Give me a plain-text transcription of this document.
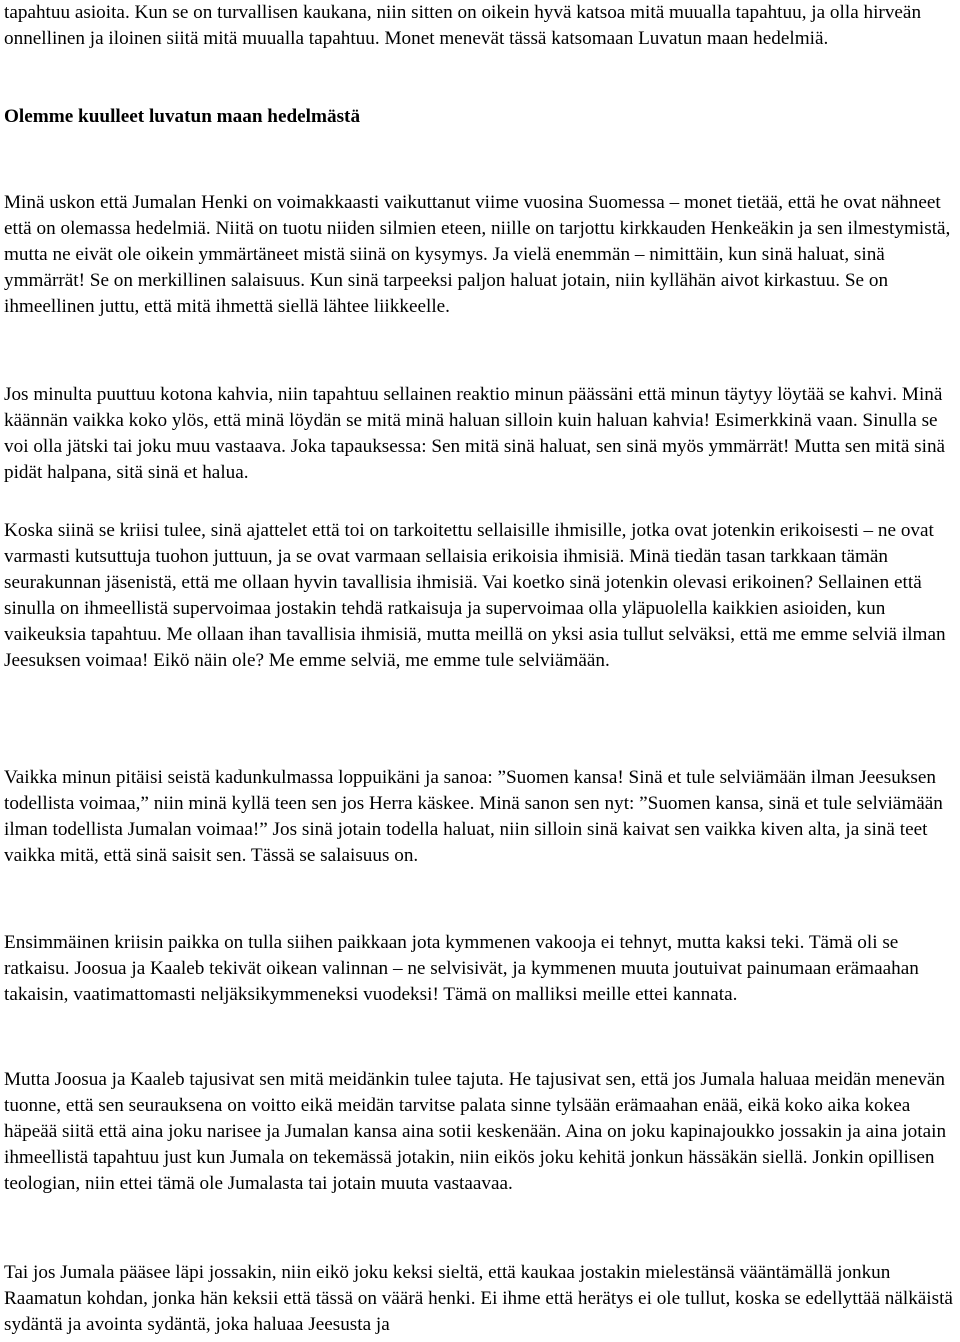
tapahtuu asioita. Kun se on turvallisen kaukana, niin sitten on oikein hyvä katsoa mitä muualla tapahtuu, ja olla hirveän onnellinen ja iloinen siitä mitä muualla tapahtuu. Monet menevät tässä katsomaan Luvatun maan hedelmiä.

Olemme kuulleet luvatun maan hedelmästä

Minä uskon että Jumalan Henki on voimakkaasti vaikuttanut viime vuosina Suomessa – monet tietää, että he ovat nähneet että on olemassa hedelmiä. Niitä on tuotu niiden silmien eteen, niille on tarjottu kirkkauden Henkeäkin ja sen ilmestymistä, mutta ne eivät ole oikein ymmärtäneet mistä siinä on kysymys. Ja vielä enemmän – nimittäin, kun sinä haluat, sinä ymmärrät! Se on merkillinen salaisuus. Kun sinä tarpeeksi paljon haluat jotain, niin kyllähän aivot kirkastuu. Se on ihmeellinen juttu, että mitä ihmettä siellä lähtee liikkeelle.

Jos minulta puuttuu kotona kahvia, niin tapahtuu sellainen reaktio minun päässäni että minun täytyy löytää se kahvi. Minä käännän vaikka koko ylös, että minä löydän se mitä minä haluan silloin kuin haluan kahvia! Esimerkkinä vaan. Sinulla se voi olla jätski tai joku muu vastaava. Joka tapauksessa: Sen mitä sinä haluat, sen sinä myös ymmärrät! Mutta sen mitä sinä pidät halpana, sitä sinä et halua.

Koska siinä se kriisi tulee, sinä ajattelet että toi on tarkoitettu sellaisille ihmisille, jotka ovat jotenkin erikoisesti – ne ovat varmasti kutsuttuja tuohon juttuun, ja se ovat varmaan sellaisia erikoisia ihmisiä. Minä tiedän tasan tarkkaan tämän seurakunnan jäsenistä, että me ollaan hyvin tavallisia ihmisiä. Vai koetko sinä jotenkin olevasi erikoinen? Sellainen että sinulla on ihmeellistä supervoimaa jostakin tehdä ratkaisuja ja supervoimaa olla yläpuolella kaikkien asioiden, kun vaikeuksia tapahtuu. Me ollaan ihan tavallisia ihmisiä, mutta meillä on yksi asia tullut selväksi, että me emme selviä ilman Jeesuksen voimaa! Eikö näin ole? Me emme selviä, me emme tule selviämään.

Vaikka minun pitäisi seistä kadunkulmassa loppuikäni ja sanoa: ”Suomen kansa! Sinä et tule selviämään ilman Jeesuksen todellista voimaa,” niin minä kyllä teen sen jos Herra käskee. Minä sanon sen nyt: ”Suomen kansa, sinä et tule selviämään ilman todellista Jumalan voimaa!” Jos sinä jotain todella haluat, niin silloin sinä kaivat sen vaikka kiven alta, ja sinä teet vaikka mitä, että sinä saisit sen. Tässä se salaisuus on.

Ensimmäinen kriisin paikka on tulla siihen paikkaan jota kymmenen vakooja ei tehnyt, mutta kaksi teki. Tämä oli se ratkaisu. Joosua ja Kaaleb tekivät oikean valinnan – ne selvisivät, ja kymmenen muuta joutuivat painumaan erämaahan takaisin, vaatimattomasti neljäksikymmeneksi vuodeksi! Tämä on malliksi meille ettei kannata.

Mutta Joosua ja Kaaleb tajusivat sen mitä meidänkin tulee tajuta. He tajusivat sen, että jos Jumala haluaa meidän menevän tuonne, että sen seurauksena on voitto eikä meidän tarvitse palata sinne tylsään erämaahan enää, eikä koko aika kokea häpeää siitä että aina joku narisee ja Jumalan kansa aina sotii keskenään. Aina on joku kapinajoukko jossakin ja aina jotain ihmeellistä tapahtuu just kun Jumala on tekemässä jotakin, niin eikös joku kehitä jonkun hässäkän siellä. Jonkin opillisen teologian, niin ettei tämä ole Jumalasta tai jotain muuta vastaavaa.

Tai jos Jumala pääsee läpi jossakin, niin eikö joku keksi sieltä, että kaukaa jostakin mielestänsä vääntämällä jonkun Raamatun kohdan, jonka hän keksii että tässä on väärä henki. Ei ihme että herätys ei ole tullut, koska se edellyttää nälkäistä sydäntä ja avointa sydäntä, joka haluaa Jeesusta ja
